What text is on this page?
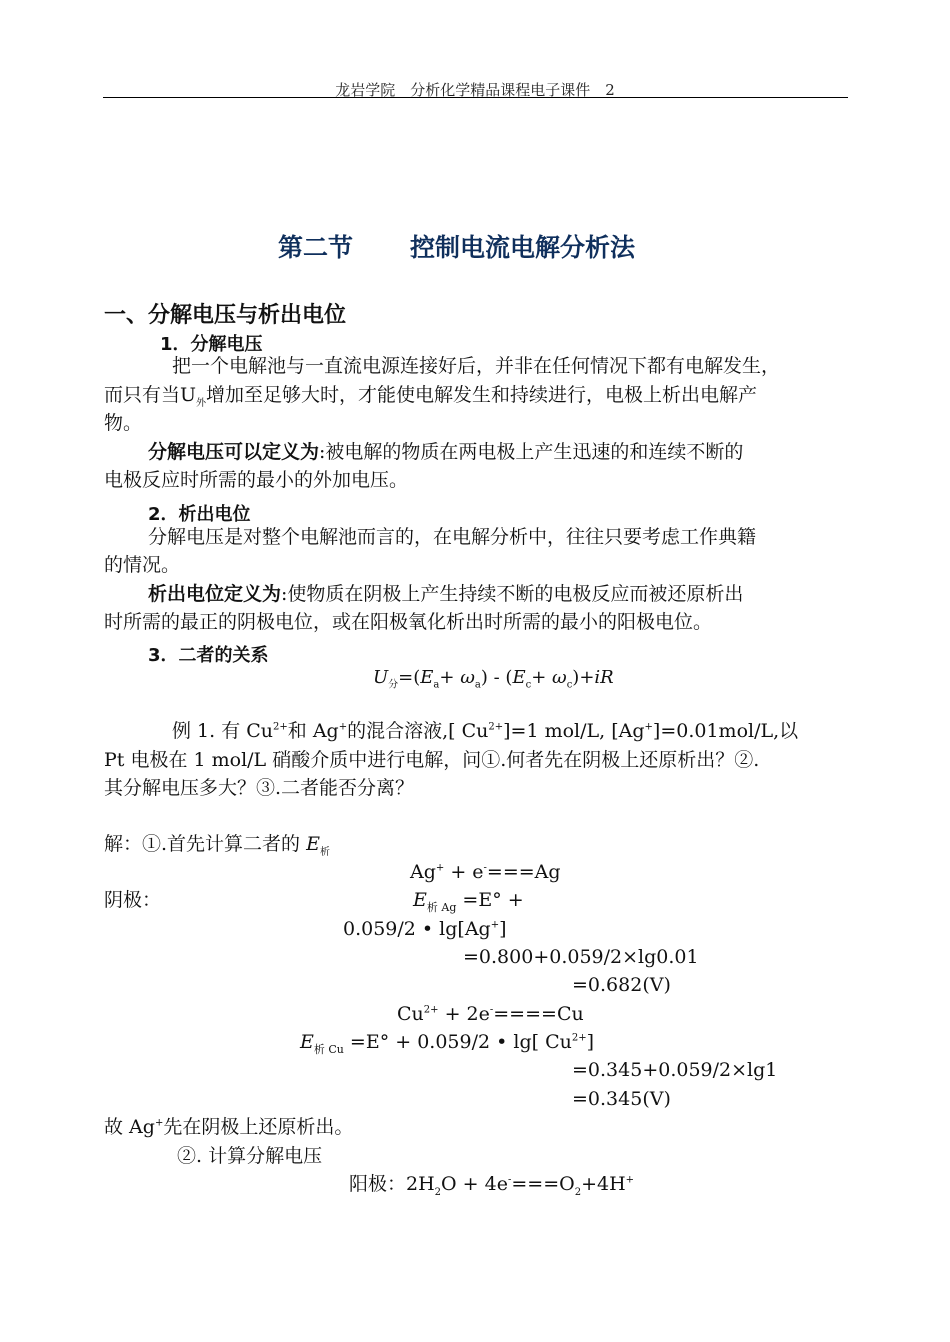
龙岩学院　分析化学精品课程电子课件　2
第二节 控制电流电解分析法
一、分解电压与析出电位
1．分解电压
把一个电解池与一直流电源连接好后，并非在任何情况下都有电解发生，
而只有当$U_外$增加至足够大时，才能使电解发生和持续进行，电极上析出电解产
物。
分解电压可以定义为:被电解的物质在两电极上产生迅速的和连续不断的
电极反应时所需的最小的外加电压。
2．析出电位
分解电压是对整个电解池而言的，在电解分析中，往往只要考虑工作典籍
的情况。
析出电位定义为:使物质在阴极上产生持续不断的电极反应而被还原析出
时所需的最正的阴极电位，或在阳极氧化析出时所需的最小的阳极电位。
3．二者的关系
$U_分=(E_a+ \omega_a) - (E_c+ \omega_c)+iR$
例 1. 有 $Cu^{2+}$和 Ag+的混合溶液,[ $Cu^{2+}]=1$ mol/L, [Ag+]=0.01mol/L,以
Pt 电极在 1 mol/L 硝酸介质中进行电解，问①.何者先在阴极上还原析出？②.
其分解电压多大？③.二者能否分离？
解：①.首先计算二者的 $E_析$
Ag+ + e-===Ag
阴极：	$E_{析 Ag} =E^\circ$ +
0.059/2 • lg[Ag+]
=0.800+0.059/2×lg0.01
=0.682(V)
$Cu^{2+} + 2e^-====Cu$
$E_{析 Cu} =E^\circ + 0.059/2$ • lg[ $Cu^{2+}$]
=0.345+0.059/2×lg1
=0.345(V)
故 Ag+先在阴极上还原析出。
②. 计算分解电压
阳极：$2H_2O + 4e^-===O_2+4H^+$
